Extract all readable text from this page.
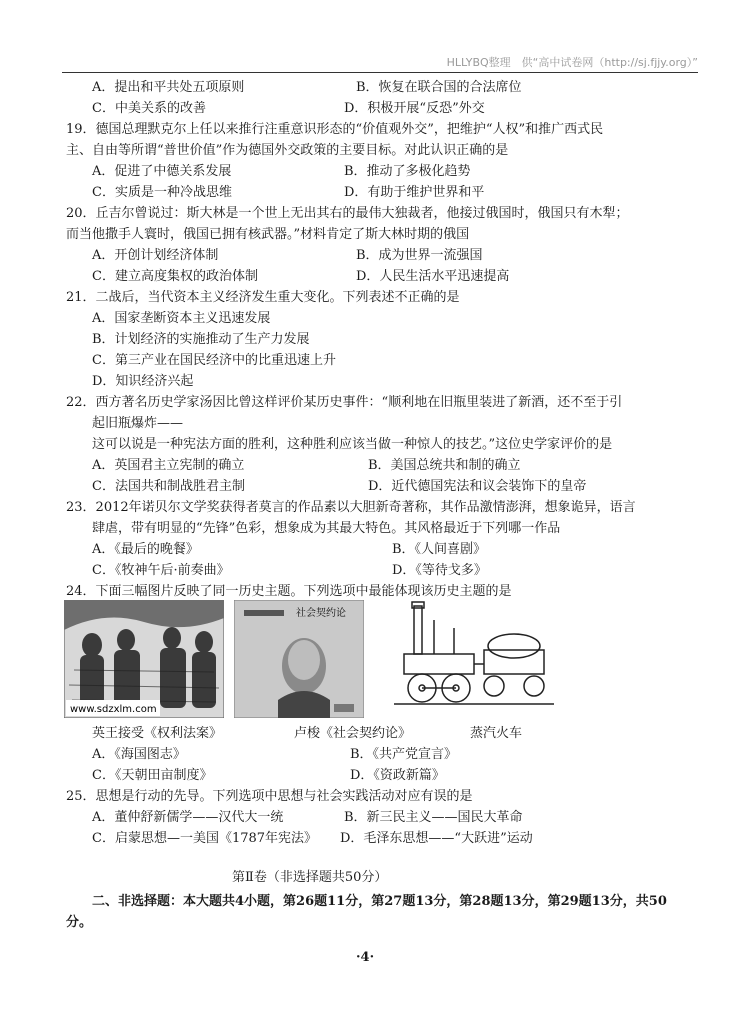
HLLYBQ整理　供“高中试卷网（http://sj.fjjy.org）”
A．提出和平共处五项原则	B．恢复在联合国的合法席位
C．中美关系的改善	D．积极开展“反恐”外交
19．德国总理默克尔上任以来推行注重意识形态的“价值观外交”，把维护“人权”和推广西式民
主、自由等所谓“普世价值”作为德国外交政策的主要目标。对此认识正确的是
A．促进了中德关系发展	B．推动了多极化趋势
C．实质是一种冷战思维	D．有助于维护世界和平
20．丘吉尔曾说过：斯大林是一个世上无出其右的最伟大独裁者，他接过俄国时，俄国只有木犁；
而当他撒手人寰时，俄国已拥有核武器。”材料肯定了斯大林时期的俄国
A．开创计划经济体制	B．成为世界一流强国
C．建立高度集权的政治体制	D．人民生活水平迅速提高
21．二战后，当代资本主义经济发生重大变化。下列表述不正确的是
A．国家垄断资本主义迅速发展
B．计划经济的实施推动了生产力发展
C．第三产业在国民经济中的比重迅速上升
D．知识经济兴起
22．西方著名历史学家汤因比曾这样评价某历史事件：“顺利地在旧瓶里装进了新酒，还不至于引
起旧瓶爆炸——
这可以说是一种宪法方面的胜利，这种胜利应该当做一种惊人的技艺。”这位史学家评价的是
A．英国君主立宪制的确立	B．美国总统共和制的确立
C．法国共和制战胜君主制	D．近代德国宪法和议会装饰下的皇帝
23．2012年诺贝尔文学奖获得者莫言的作品素以大胆新奇著称，其作品激情澎湃，想象诡异，语言
肆虐，带有明显的“先锋”色彩，想象成为其最大特色。其风格最近于下列哪一作品
A．《最后的晚餐》	B．《人间喜剧》
C．《牧神午后·前奏曲》	D．《等待戈多》
24．下面三幅图片反映了同一历史主题。下列选项中最能体现该历史主题的是
www.sdzxlm.com
社会契约论
英王接受《权利法案》	卢梭《社会契约论》	蒸汽火车
A．《海国图志》	B．《共产党宣言》
C．《天朝田亩制度》	D．《资政新篇》
25．思想是行动的先导。下列选项中思想与社会实践活动对应有误的是
A．董仲舒新儒学——汉代大一统	B．新三民主义——国民大革命
C．启蒙思想—一美国《1787年宪法》 D．毛泽东思想——“大跃进”运动
第Ⅱ卷（非选择题共50分）
二、非选择题：本大题共4小题，第26题11分，第27题13分，第28题13分，第29题13分，共50
分。
·4·
